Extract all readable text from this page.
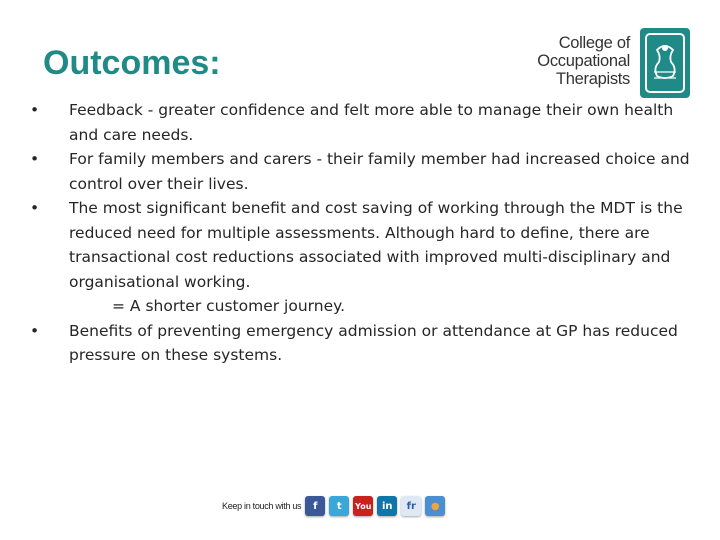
Outcomes:
College of
Occupational
Therapists
•	Feedback - greater confidence and felt more able to manage their own health and care needs.
•	For family members and carers - their family member had increased choice and control over their lives.
•	The most significant benefit and cost saving of working through the MDT is the reduced need for multiple assessments. Although hard to define, there are transactional cost reductions associated with improved multi-disciplinary and organisational working.
= A shorter customer journey.
•	Benefits of preventing emergency admission or attendance at GP has reduced pressure on these systems.
Keep in touch with us	f	t	You	in	fr	●
